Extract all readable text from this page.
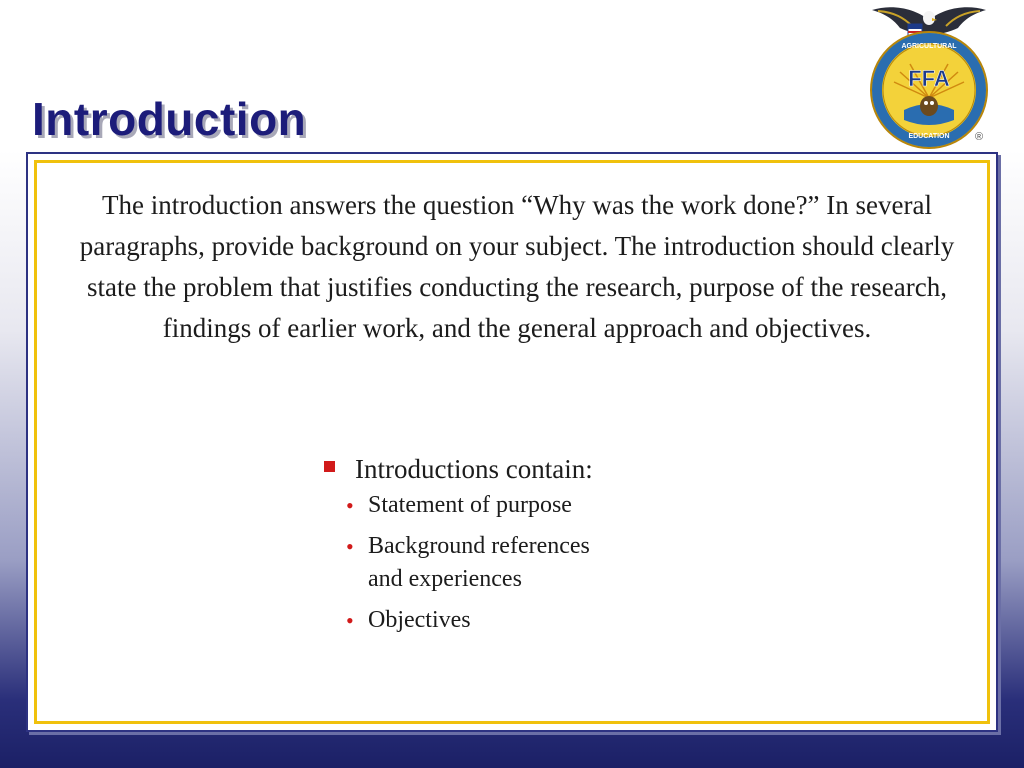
Introduction
FFA
AGRICULTURAL
EDUCATION ®

The introduction answers the question “Why was the work done?” In several paragraphs, provide background on your subject. The introduction should clearly state the problem that justifies conducting the research, purpose of the research, findings of earlier work, and the general approach and objectives.

Introductions contain:
• Statement of purpose
• Background references and experiences
• Objectives
